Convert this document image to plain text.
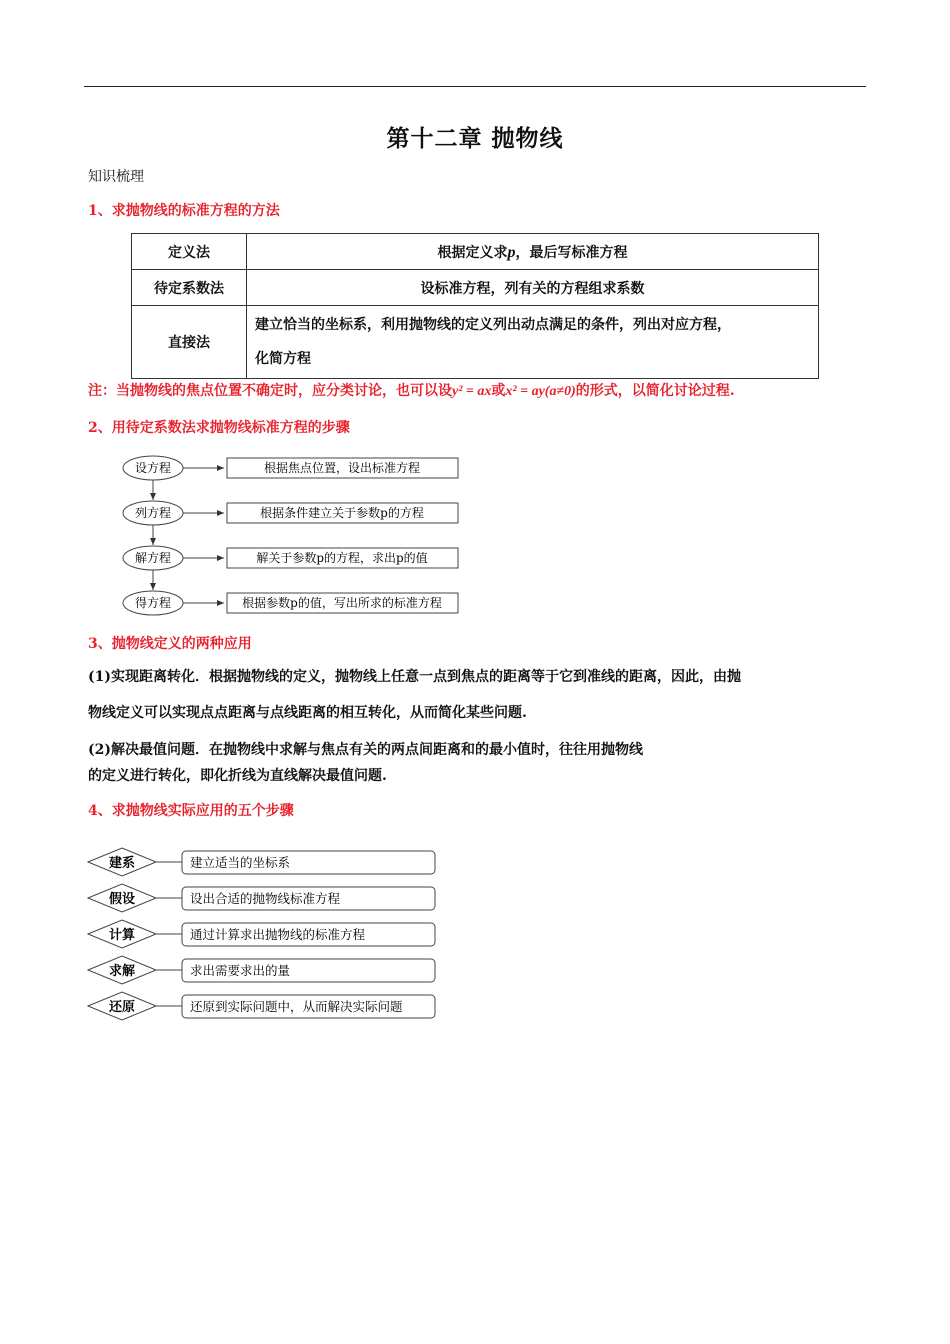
第十二章 抛物线
知识梳理
1、求抛物线的标准方程的方法
定义法	根据定义求p，最后写标准方程
待定系数法	设标准方程，列有关的方程组求系数
直接法	建立恰当的坐标系，利用抛物线的定义列出动点满足的条件，列出对应方程，
化简方程
注：当抛物线的焦点位置不确定时，应分类讨论，也可以设y² = ax或x² = ay(a≠0)的形式，以简化讨论过程.
2、用待定系数法求抛物线标准方程的步骤
设方程	根据焦点位置，设出标准方程
列方程	根据条件建立关于参数p的方程
解方程	解关于参数p的方程，求出p的值
得方程	根据参数p的值，写出所求的标准方程
3、抛物线定义的两种应用
(1)实现距离转化．根据抛物线的定义，抛物线上任意一点到焦点的距离等于它到准线的距离，因此，由抛
物线定义可以实现点点距离与点线距离的相互转化，从而简化某些问题.
(2)解决最值问题．在抛物线中求解与焦点有关的两点间距离和的最小值时，往往用抛物线
的定义进行转化，即化折线为直线解决最值问题.
4、求抛物线实际应用的五个步骤
建系	建立适当的坐标系
假设	设出合适的抛物线标准方程
计算	通过计算求出抛物线的标准方程
求解	求出需要求出的量
还原	还原到实际问题中，从而解决实际问题
